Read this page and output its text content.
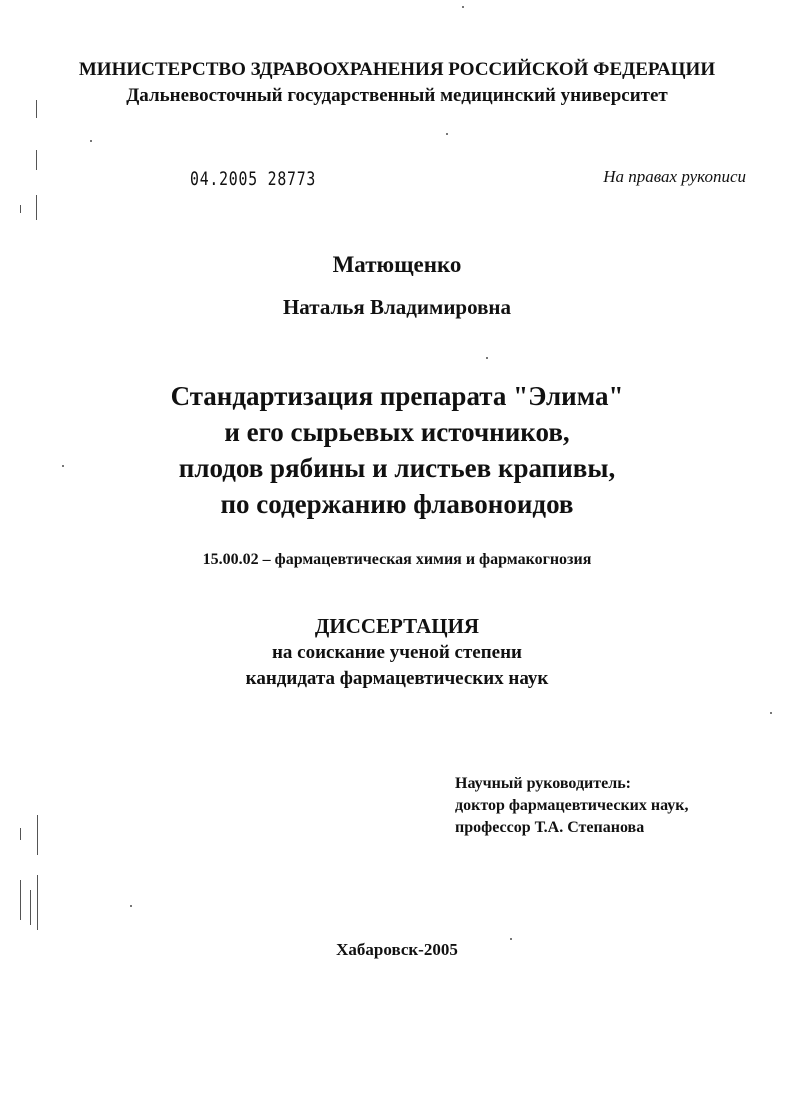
МИНИСТЕРСТВО ЗДРАВООХРАНЕНИЯ РОССИЙСКОЙ ФЕДЕРАЦИИ
Дальневосточный государственный медицинский университет
04.2005 28773	На правах рукописи
Матющенко
Наталья Владимировна
Стандартизация препарата "Элима"
и его сырьевых источников,
плодов рябины и листьев крапивы,
по содержанию флавоноидов
15.00.02 – фармацевтическая химия и фармакогнозия
ДИССЕРТАЦИЯ
на соискание ученой степени
кандидата фармацевтических наук
Научный руководитель:
доктор фармацевтических наук,
профессор Т.А. Степанова
Хабаровск-2005
